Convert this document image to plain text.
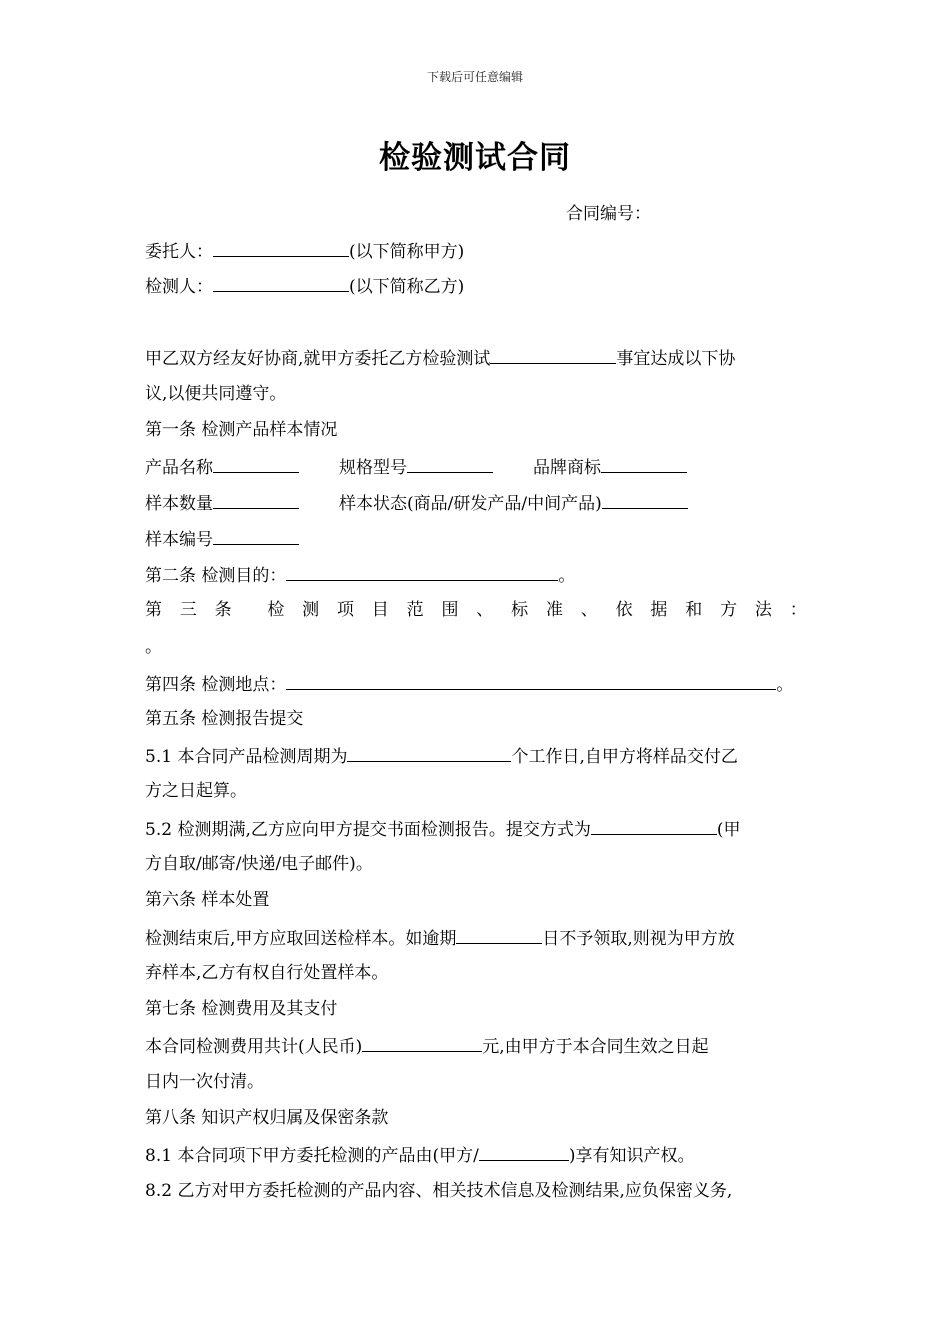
下载后可任意编辑
检验测试合同
合同编号：
委托人：	(以下简称甲方)
检测人：	(以下简称乙方)
甲乙双方经友好协商,就甲方委托乙方检验测试	事宜达成以下协
议,以便共同遵守。
第一条 检测产品样本情况
产品名称	规格型号	品牌商标
样本数量	样本状态(商品/研发产品/中间产品)
样本编号
第二条 检测目的：	。
第 三 条 检 测 项 目 范 围 、 标 准 、 依 据 和 方 法 ：
。
第四条 检测地点：	。
第五条 检测报告提交
5.1 本合同产品检测周期为	个工作日,自甲方将样品交付乙
方之日起算。
5.2 检测期满,乙方应向甲方提交书面检测报告。提交方式为	(甲
方自取/邮寄/快递/电子邮件)。
第六条 样本处置
检测结束后,甲方应取回送检样本。如逾期	日不予领取,则视为甲方放
弃样本,乙方有权自行处置样本。
第七条 检测费用及其支付
本合同检测费用共计(人民币)	元,由甲方于本合同生效之日起
日内一次付清。
第八条 知识产权归属及保密条款
8.1 本合同项下甲方委托检测的产品由(甲方/	)享有知识产权。
8.2 乙方对甲方委托检测的产品内容、相关技术信息及检测结果,应负保密义务,
